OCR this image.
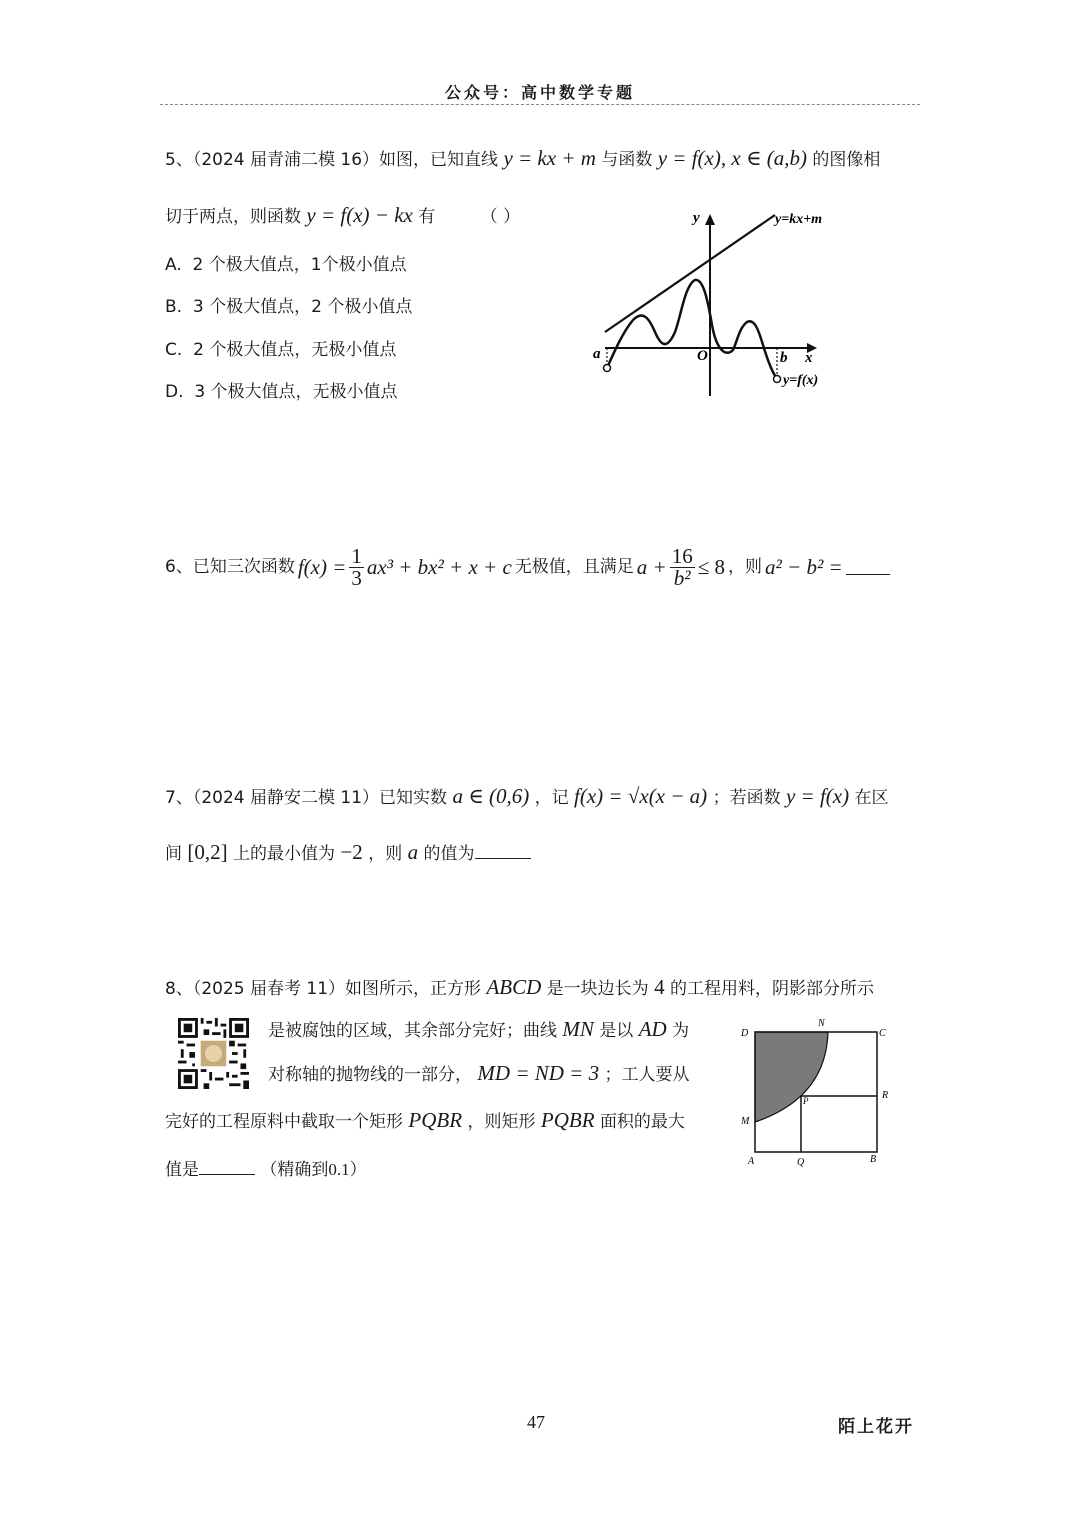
公众号：高中数学专题
5、（2024 届青浦二模 16）如图，已知直线 y = kx + m 与函数 y = f(x), x ∈ (a,b) 的图像相
切于两点，则函数 y = f(x) − kx 有	（ ）
A. 2 个极大值点，1个极小值点
B. 3 个极大值点，2 个极小值点
C. 2 个极大值点，无极小值点
D. 3 个极大值点，无极小值点
y
x
y=kx+m
y=f(x)
a	b
O
6、已知三次函数 $f(x) = \frac{1}{3} ax^3 + bx^2 + x + c$ 无极值，且满足 $a + \frac{16}{\text{b²}} \le 8$ ，则 a² − b² =
7、（2024 届静安二模 11）已知实数 a ∈ (0,6) ，记 f(x) = √x(x − a) ；若函数 y = f(x) 在区
间 [0,2] 上的最小值为 −2 ，则 a 的值为
8、（2025 届春考 11）如图所示，正方形 ABCD 是一块边长为 4 的工程用料，阴影部分所示
是被腐蚀的区域，其余部分完好；曲线 MN 是以 AD 为
对称轴的抛物线的一部分， MD = ND = 3 ；工人要从
完好的工程原料中截取一个矩形 PQBR ，则矩形 PQBR 面积的最大
值是	（精确到0.1）
D
N
C
R
P
M
A	Q	B
47	陌上花开
